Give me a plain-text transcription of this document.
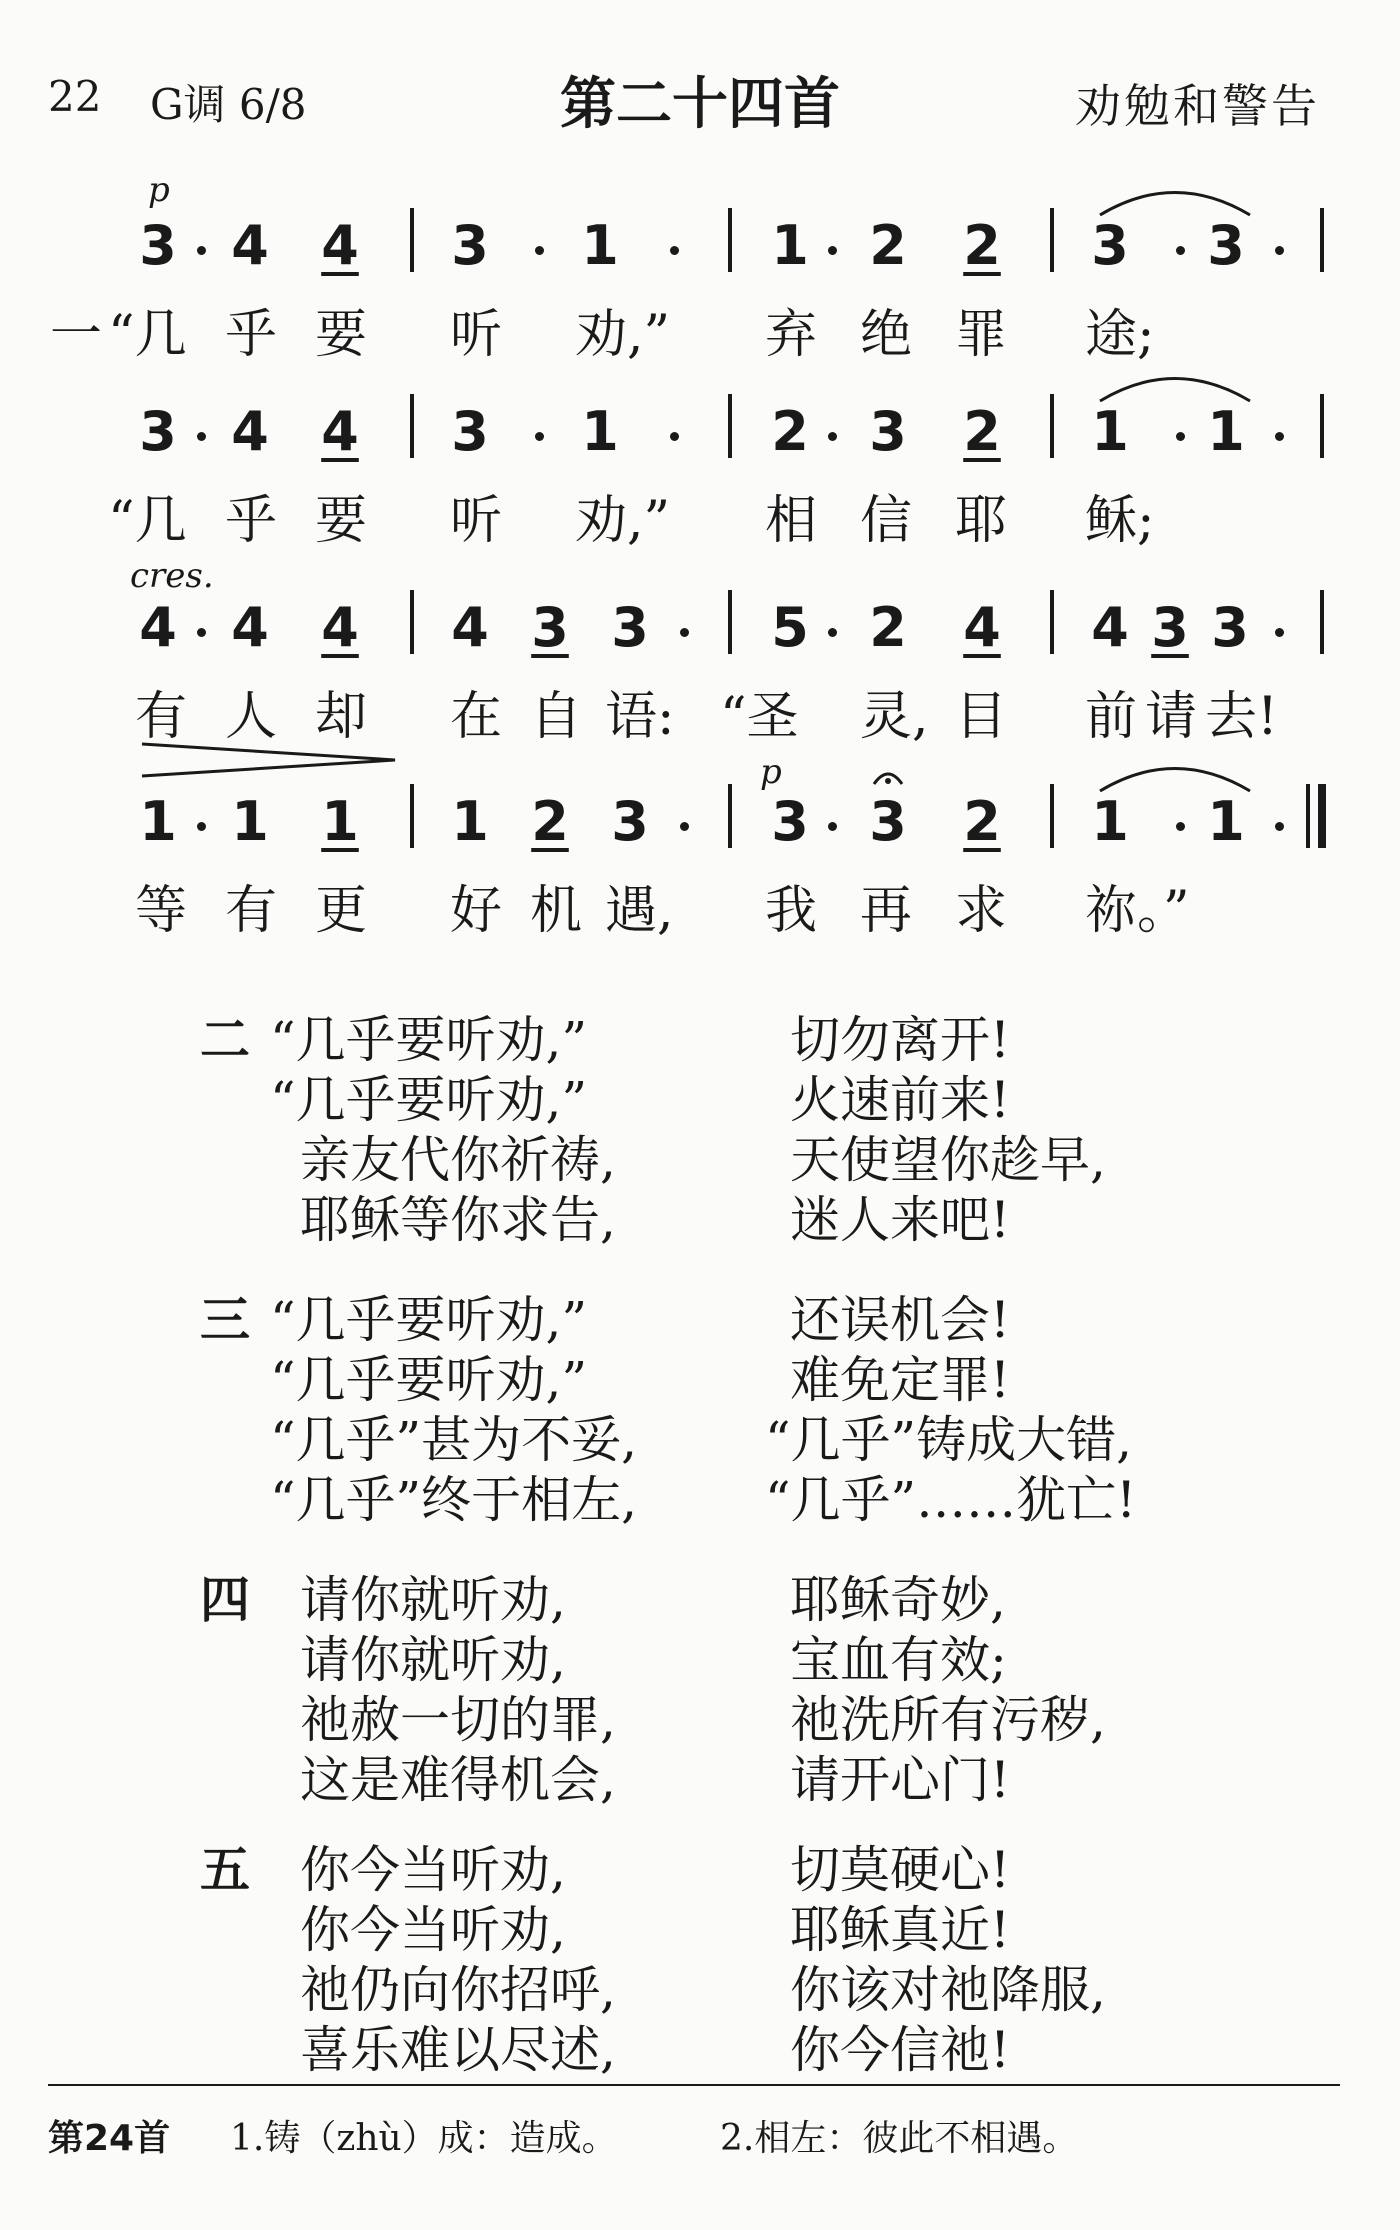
22 G调 6/8	第二十四首	劝勉和警告
p
cres.
p
3 4 4 3 1	1 2 2 3 3
一 “几 乎 要 听 劝,” 弃 绝 罪 途;
3 4 4 3 1	2 3 2 1 1
“几 乎 要 听 劝,” 相 信 耶 稣;
4 4 4 4 3 3 5 2 4 4 3 3
有 人 却 在 自 语: “圣 灵, 目 前 请 去!
1 1 1 1 2 3 3 3 2 1 1
等 有 更 好 机 遇, 我 再 求 祢。”
二 “几乎要听劝,”	切勿离开!
“几乎要听劝,”	火速前来!
亲友代你祈祷,	天使望你趁早,
耶稣等你求告,	迷人来吧!
三 “几乎要听劝,”	还误机会!
“几乎要听劝,”	难免定罪!
“几乎”甚为不妥,	“几乎”铸成大错,
“几乎”终于相左,	“几乎”……犹亡!
四 请你就听劝,	耶稣奇妙,
请你就听劝,	宝血有效;
祂赦一切的罪,	祂洗所有污秽,
这是难得机会,	请开心门!
五 你今当听劝,	切莫硬心!
你今当听劝,	耶稣真近!
祂仍向你招呼,	你该对祂降服,
喜乐难以尽述,	你今信祂!
第24首 1.铸（zhù）成：造成。	2.相左：彼此不相遇。
